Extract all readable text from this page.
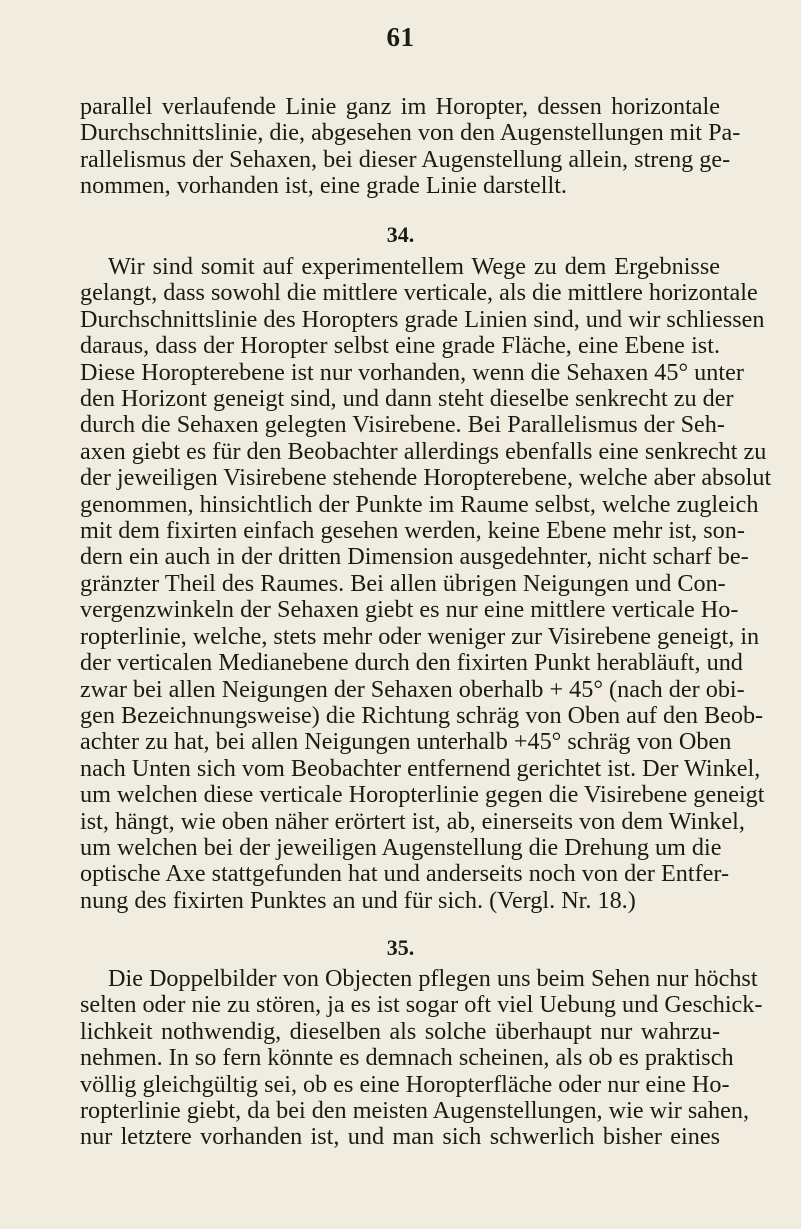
61
parallel verlaufende Linie ganz im Horopter, dessen horizontale
Durchschnittslinie, die, abgesehen von den Augenstellungen mit Pa-
rallelismus der Sehaxen, bei dieser Augenstellung allein, streng ge-
nommen, vorhanden ist, eine grade Linie darstellt.
34.
Wir sind somit auf experimentellem Wege zu dem Ergebnisse
gelangt, dass sowohl die mittlere verticale, als die mittlere horizontale
Durchschnittslinie des Horopters grade Linien sind, und wir schliessen
daraus, dass der Horopter selbst eine grade Fläche, eine Ebene ist.
Diese Horopterebene ist nur vorhanden, wenn die Sehaxen 45° unter
den Horizont geneigt sind, und dann steht dieselbe senkrecht zu der
durch die Sehaxen gelegten Visirebene. Bei Parallelismus der Seh-
axen giebt es für den Beobachter allerdings ebenfalls eine senkrecht zu
der jeweiligen Visirebene stehende Horopterebene, welche aber absolut
genommen, hinsichtlich der Punkte im Raume selbst, welche zugleich
mit dem fixirten einfach gesehen werden, keine Ebene mehr ist, son-
dern ein auch in der dritten Dimension ausgedehnter, nicht scharf be-
gränzter Theil des Raumes. Bei allen übrigen Neigungen und Con-
vergenzwinkeln der Sehaxen giebt es nur eine mittlere verticale Ho-
ropterlinie, welche, stets mehr oder weniger zur Visirebene geneigt, in
der verticalen Medianebene durch den fixirten Punkt herabläuft, und
zwar bei allen Neigungen der Sehaxen oberhalb + 45° (nach der obi-
gen Bezeichnungsweise) die Richtung schräg von Oben auf den Beob-
achter zu hat, bei allen Neigungen unterhalb +45° schräg von Oben
nach Unten sich vom Beobachter entfernend gerichtet ist. Der Winkel,
um welchen diese verticale Horopterlinie gegen die Visirebene geneigt
ist, hängt, wie oben näher erörtert ist, ab, einerseits von dem Winkel,
um welchen bei der jeweiligen Augenstellung die Drehung um die
optische Axe stattgefunden hat und anderseits noch von der Entfer-
nung des fixirten Punktes an und für sich. (Vergl. Nr. 18.)
35.
Die Doppelbilder von Objecten pflegen uns beim Sehen nur höchst
selten oder nie zu stören, ja es ist sogar oft viel Uebung und Geschick-
lichkeit nothwendig, dieselben als solche überhaupt nur wahrzu-
nehmen. In so fern könnte es demnach scheinen, als ob es praktisch
völlig gleichgültig sei, ob es eine Horopterfläche oder nur eine Ho-
ropterlinie giebt, da bei den meisten Augenstellungen, wie wir sahen,
nur letztere vorhanden ist, und man sich schwerlich bisher eines
